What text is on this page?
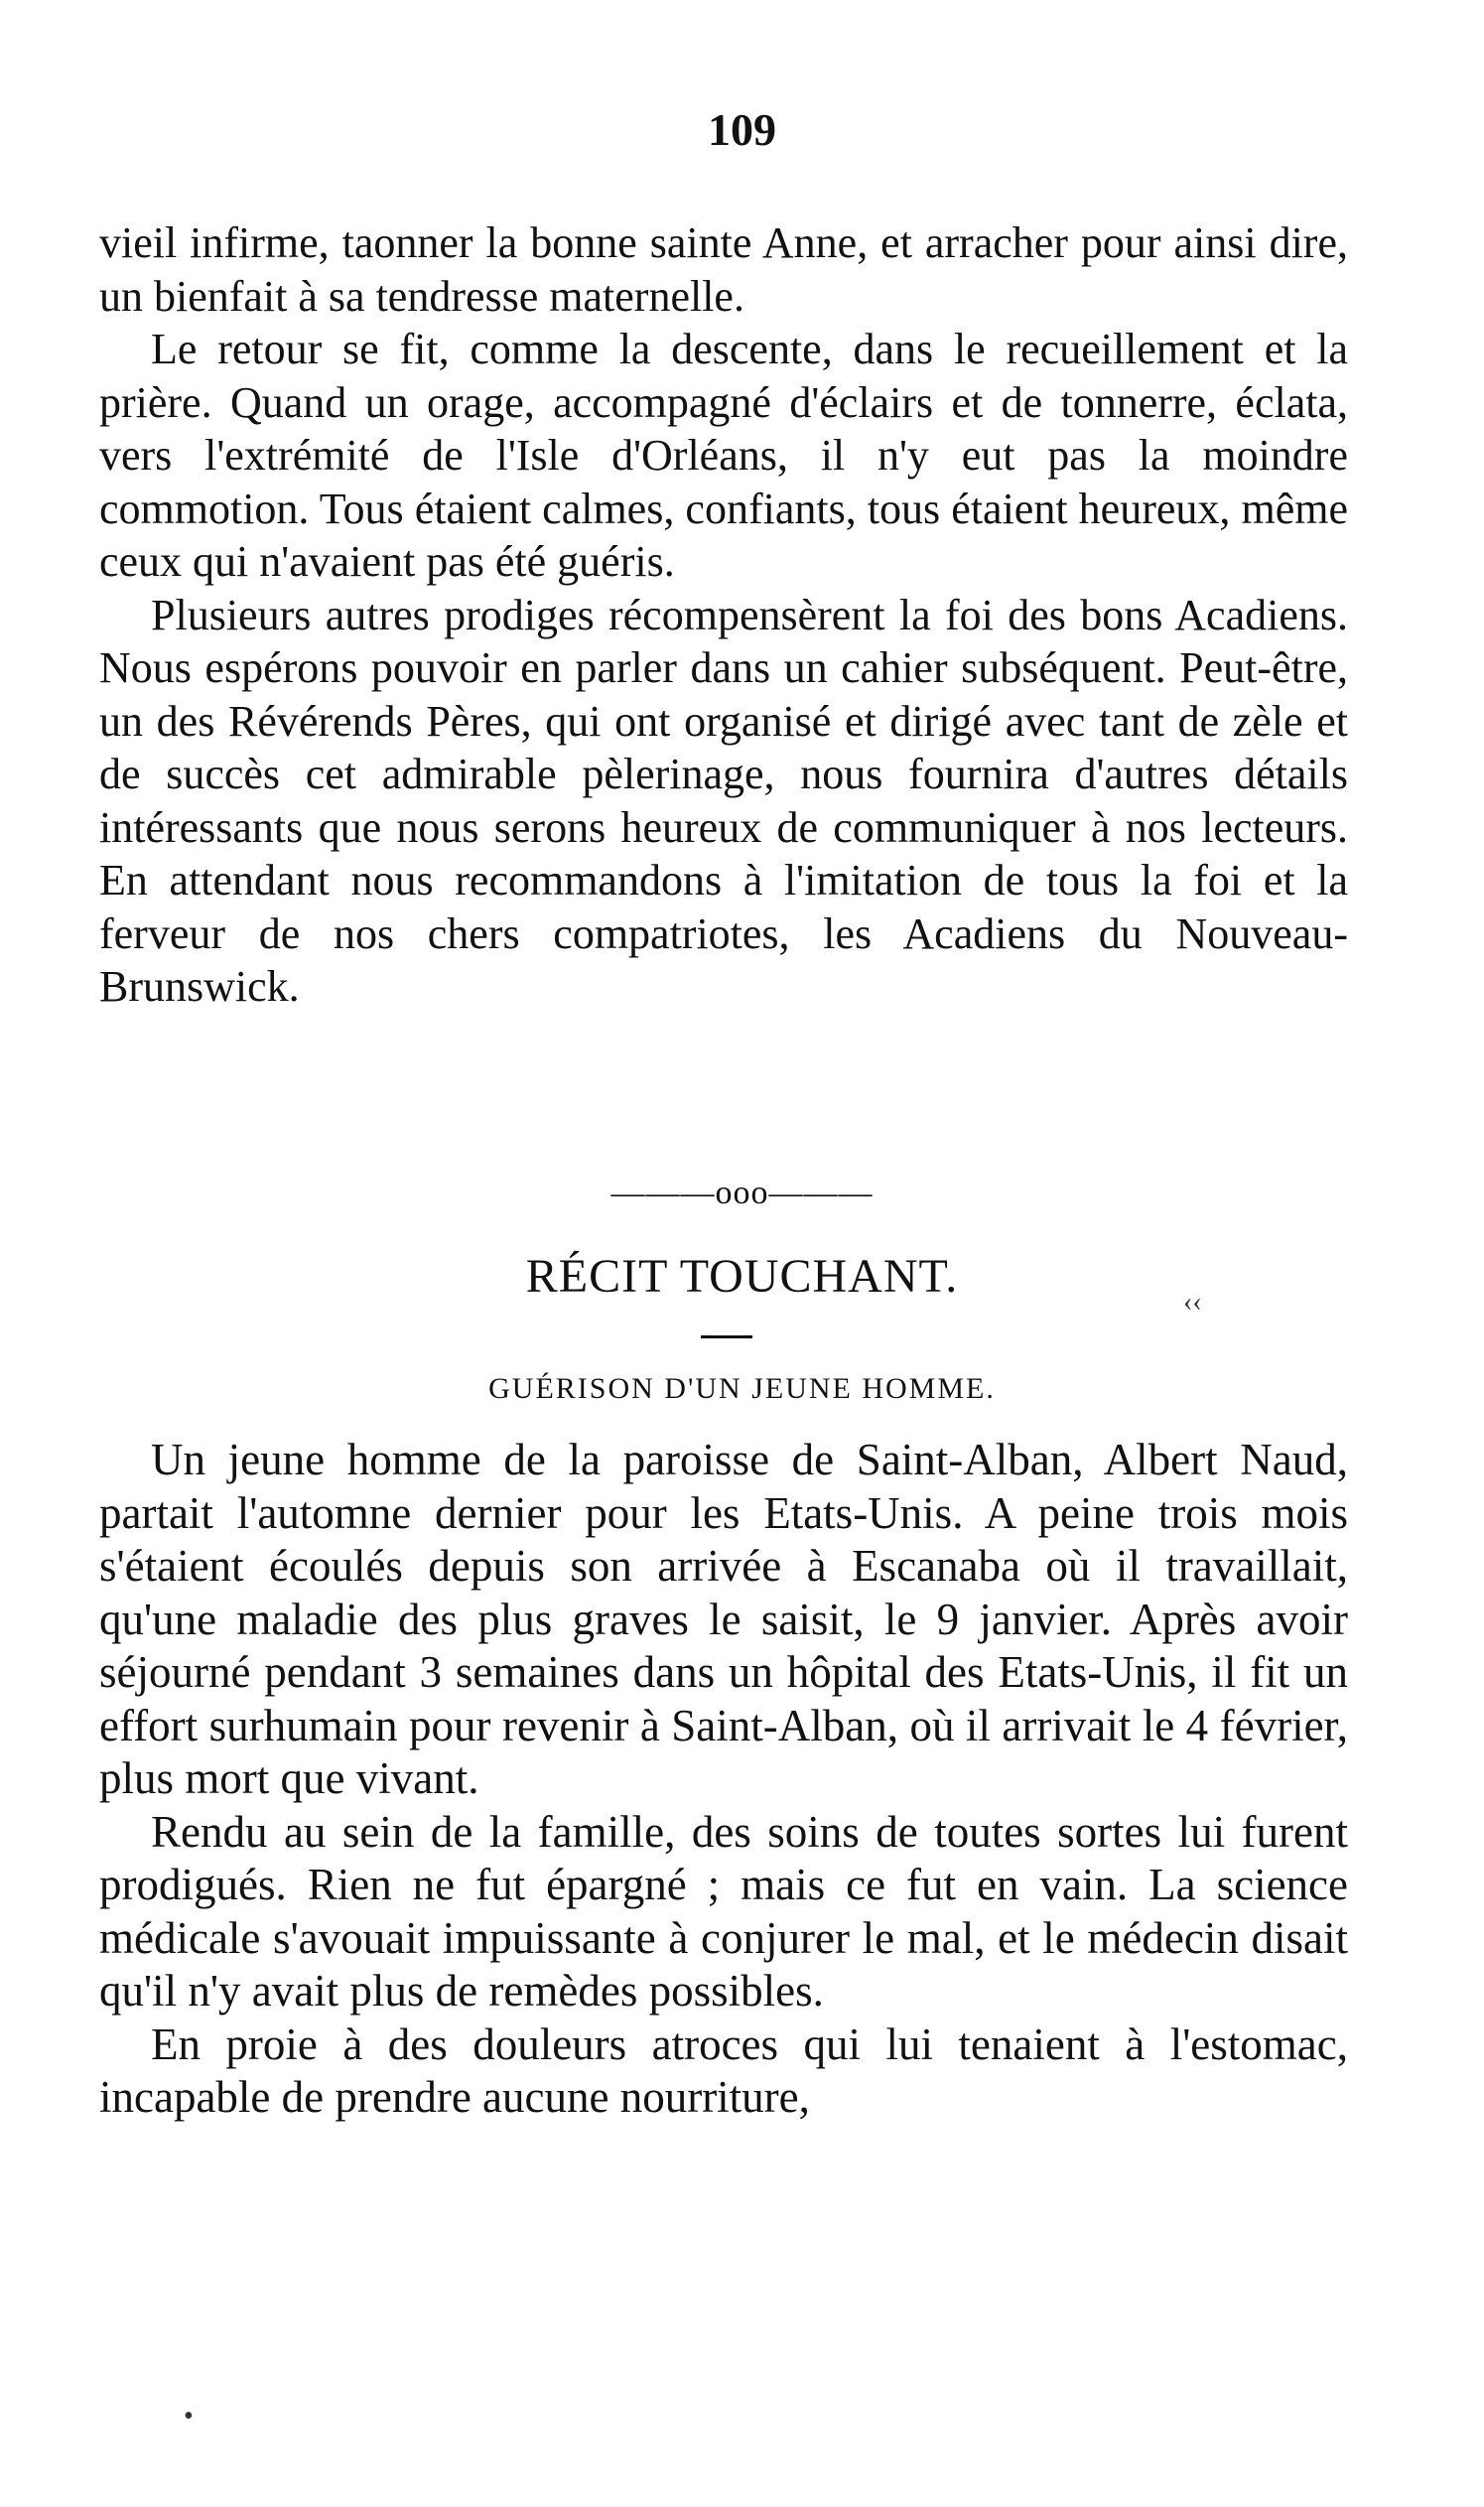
109

vieil infirme, taonner la bonne sainte Anne, et arracher pour ainsi dire, un bienfait à sa tendresse maternelle.

Le retour se fit, comme la descente, dans le recueillement et la prière. Quand un orage, accompagné d'éclairs et de tonnerre, éclata, vers l'extrémité de l'Isle d'Orléans, il n'y eut pas la moindre commotion. Tous étaient calmes, confiants, tous étaient heureux, même ceux qui n'avaient pas été guéris.

Plusieurs autres prodiges récompensèrent la foi des bons Acadiens. Nous espérons pouvoir en parler dans un cahier subséquent. Peut-être, un des Révérends Pères, qui ont organisé et dirigé avec tant de zèle et de succès cet admirable pèlerinage, nous fournira d'autres détails intéressants que nous serons heureux de communiquer à nos lecteurs. En attendant nous recommandons à l'imitation de tous la foi et la ferveur de nos chers compatriotes, les Acadiens du Nouveau-Brunswick.

———ooo———
RÉCIT TOUCHANT.
GUÉRISON D'UN JEUNE HOMME.

Un jeune homme de la paroisse de Saint-Alban, Albert Naud, partait l'automne dernier pour les Etats-Unis. A peine trois mois s'étaient écoulés depuis son arrivée à Escanaba où il travaillait, qu'une maladie des plus graves le saisit, le 9 janvier. Après avoir séjourné pendant 3 semaines dans un hôpital des Etats-Unis, il fit un effort surhumain pour revenir à Saint-Alban, où il arrivait le 4 février, plus mort que vivant.

Rendu au sein de la famille, des soins de toutes sortes lui furent prodigués. Rien ne fut épargné ; mais ce fut en vain. La science médicale s'avouait impuissante à conjurer le mal, et le médecin disait qu'il n'y avait plus de remèdes possibles.

En proie à des douleurs atroces qui lui tenaient à l'estomac, incapable de prendre aucune nourriture,

‹‹
•
